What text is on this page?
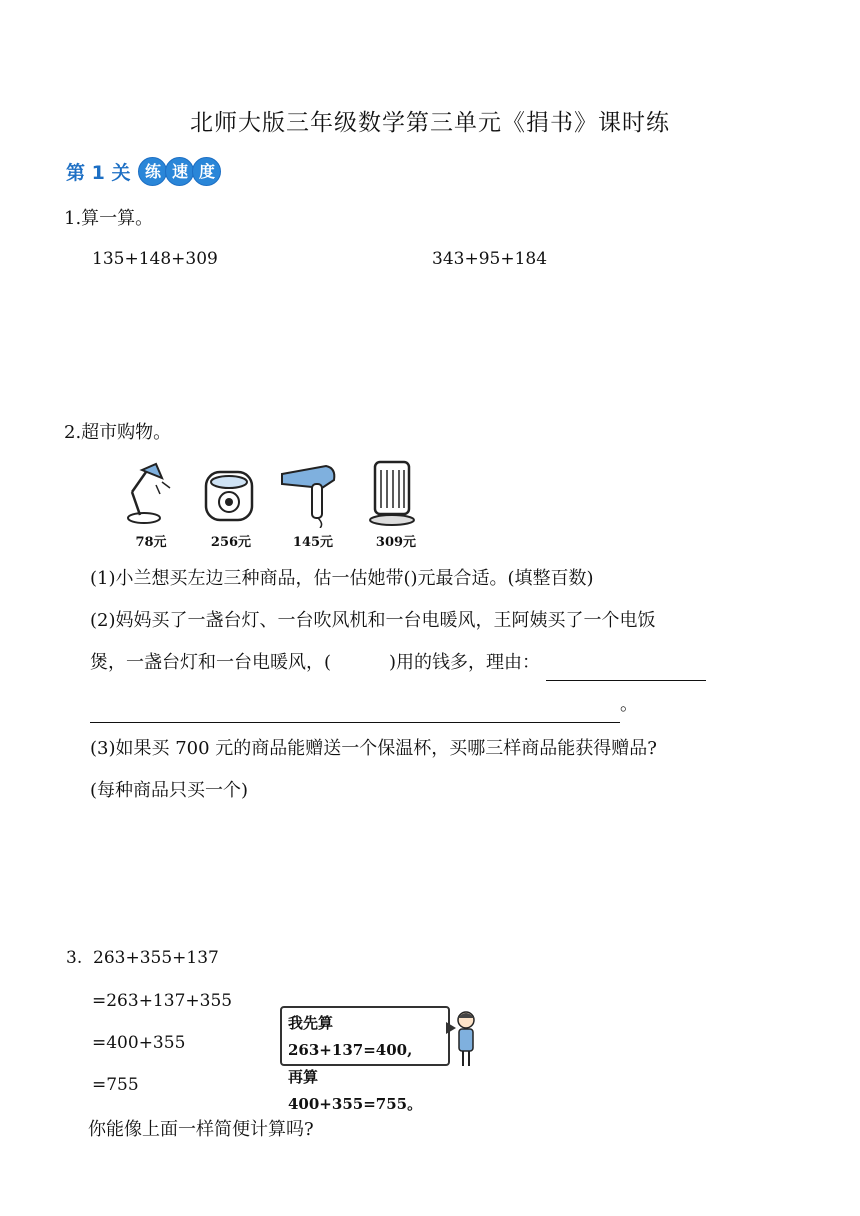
北师大版三年级数学第三单元《捐书》课时练
第 1 关 练 速 度
1.算一算。
135+148+309	343+95+184
2.超市购物。
78元	256元	145元	309元
(1)小兰想买左边三种商品，估一估她带()元最合适。(填整百数)
(2)妈妈买了一盏台灯、一台吹风机和一台电暖风，王阿姨买了一个电饭
煲，一盏台灯和一台电暖风，(	)用的钱多，理由：
。
(3)如果买 700 元的商品能赠送一个保温杯，买哪三样商品能获得赠品?
(每种商品只买一个)
3.  263+355+137
=263+137+355
=400+355
=755
我先算263+137=400,
再算400+355=755。
你能像上面一样简便计算吗?
